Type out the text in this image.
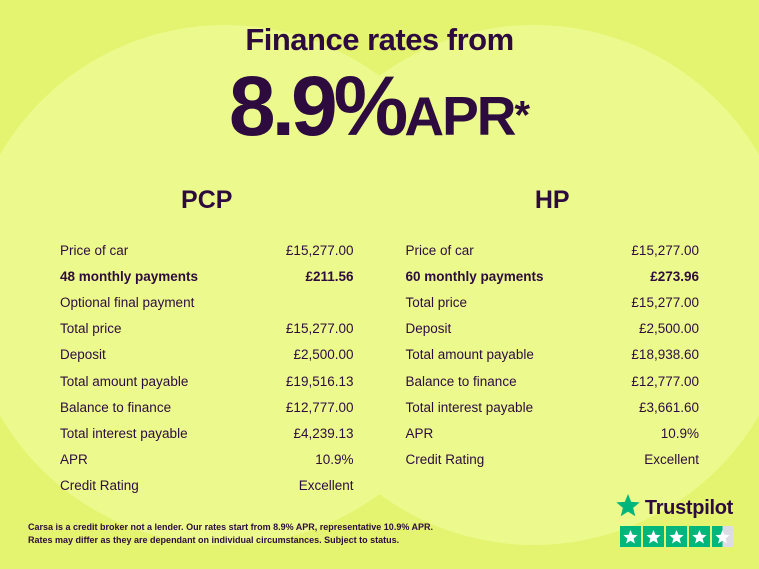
Finance rates from
8.9%APR*
PCP
Price of car	£15,277.00
48 monthly payments	£211.56
Optional final payment
Total price	£15,277.00
Deposit	£2,500.00
Total amount payable	£19,516.13
Balance to finance	£12,777.00
Total interest payable	£4,239.13
APR	10.9%
Credit Rating	Excellent
HP
Price of car	£15,277.00
60 monthly payments	£273.96
Total price	£15,277.00
Deposit	£2,500.00
Total amount payable	£18,938.60
Balance to finance	£12,777.00
Total interest payable	£3,661.60
APR	10.9%
Credit Rating	Excellent
Carsa is a credit broker not a lender. Our rates start from 8.9% APR, representative 10.9% APR. Rates may differ as they are dependant on individual circumstances. Subject to status.
Trustpilot
